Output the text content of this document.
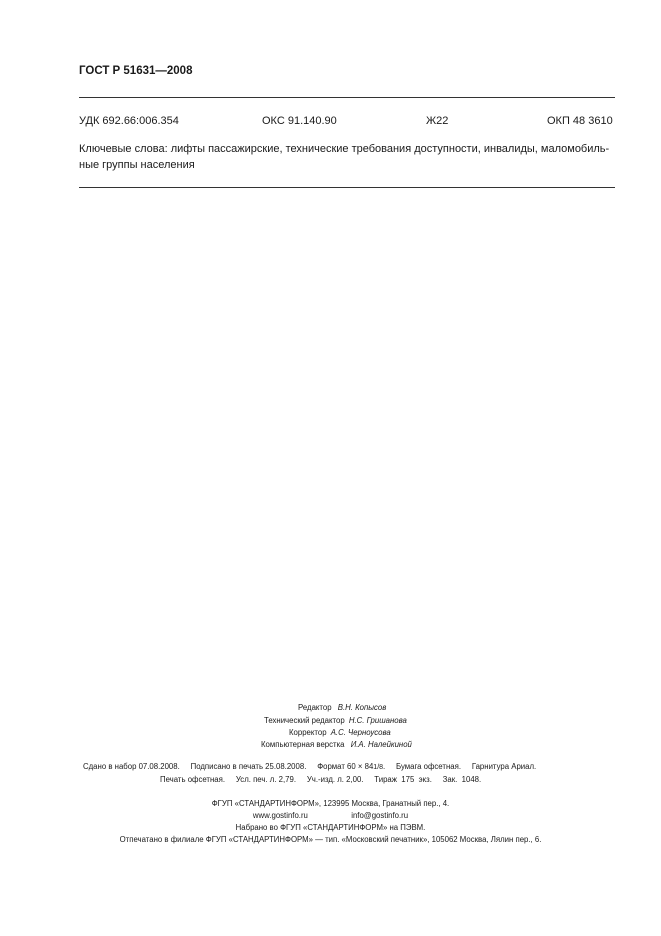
ГОСТ Р 51631—2008
УДК 692.66:006.354	ОКС 91.140.90	Ж22	ОКП 48 3610
Ключевые слова: лифты пассажирские, технические требования доступности, инвалиды, маломобиль-
ные группы населения
Редактор В.Н. Копысов
Технический редактор Н.С. Гришанова
Корректор А.С. Черноусова
Компьютерная верстка И.А. Налейкиной
Сдано в набор 07.08.2008.     Подписано в печать 25.08.2008.     Формат 60 × 841/8.     Бумага офсетная.     Гарнитура Ариал.
Печать офсетная.     Усл. печ. л. 2,79.     Уч.-изд. л. 2,00.     Тираж  175  экз.     Зак.  1048.
ФГУП «СТАНДАРТИНФОРМ», 123995 Москва, Гранатный пер., 4.
www.gostinfo.ru                    info@gostinfo.ru
Набрано во ФГУП «СТАНДАРТИНФОРМ» на ПЭВМ.
Отпечатано в филиале ФГУП «СТАНДАРТИНФОРМ» — тип. «Московский печатник», 105062 Москва, Лялин пер., 6.
